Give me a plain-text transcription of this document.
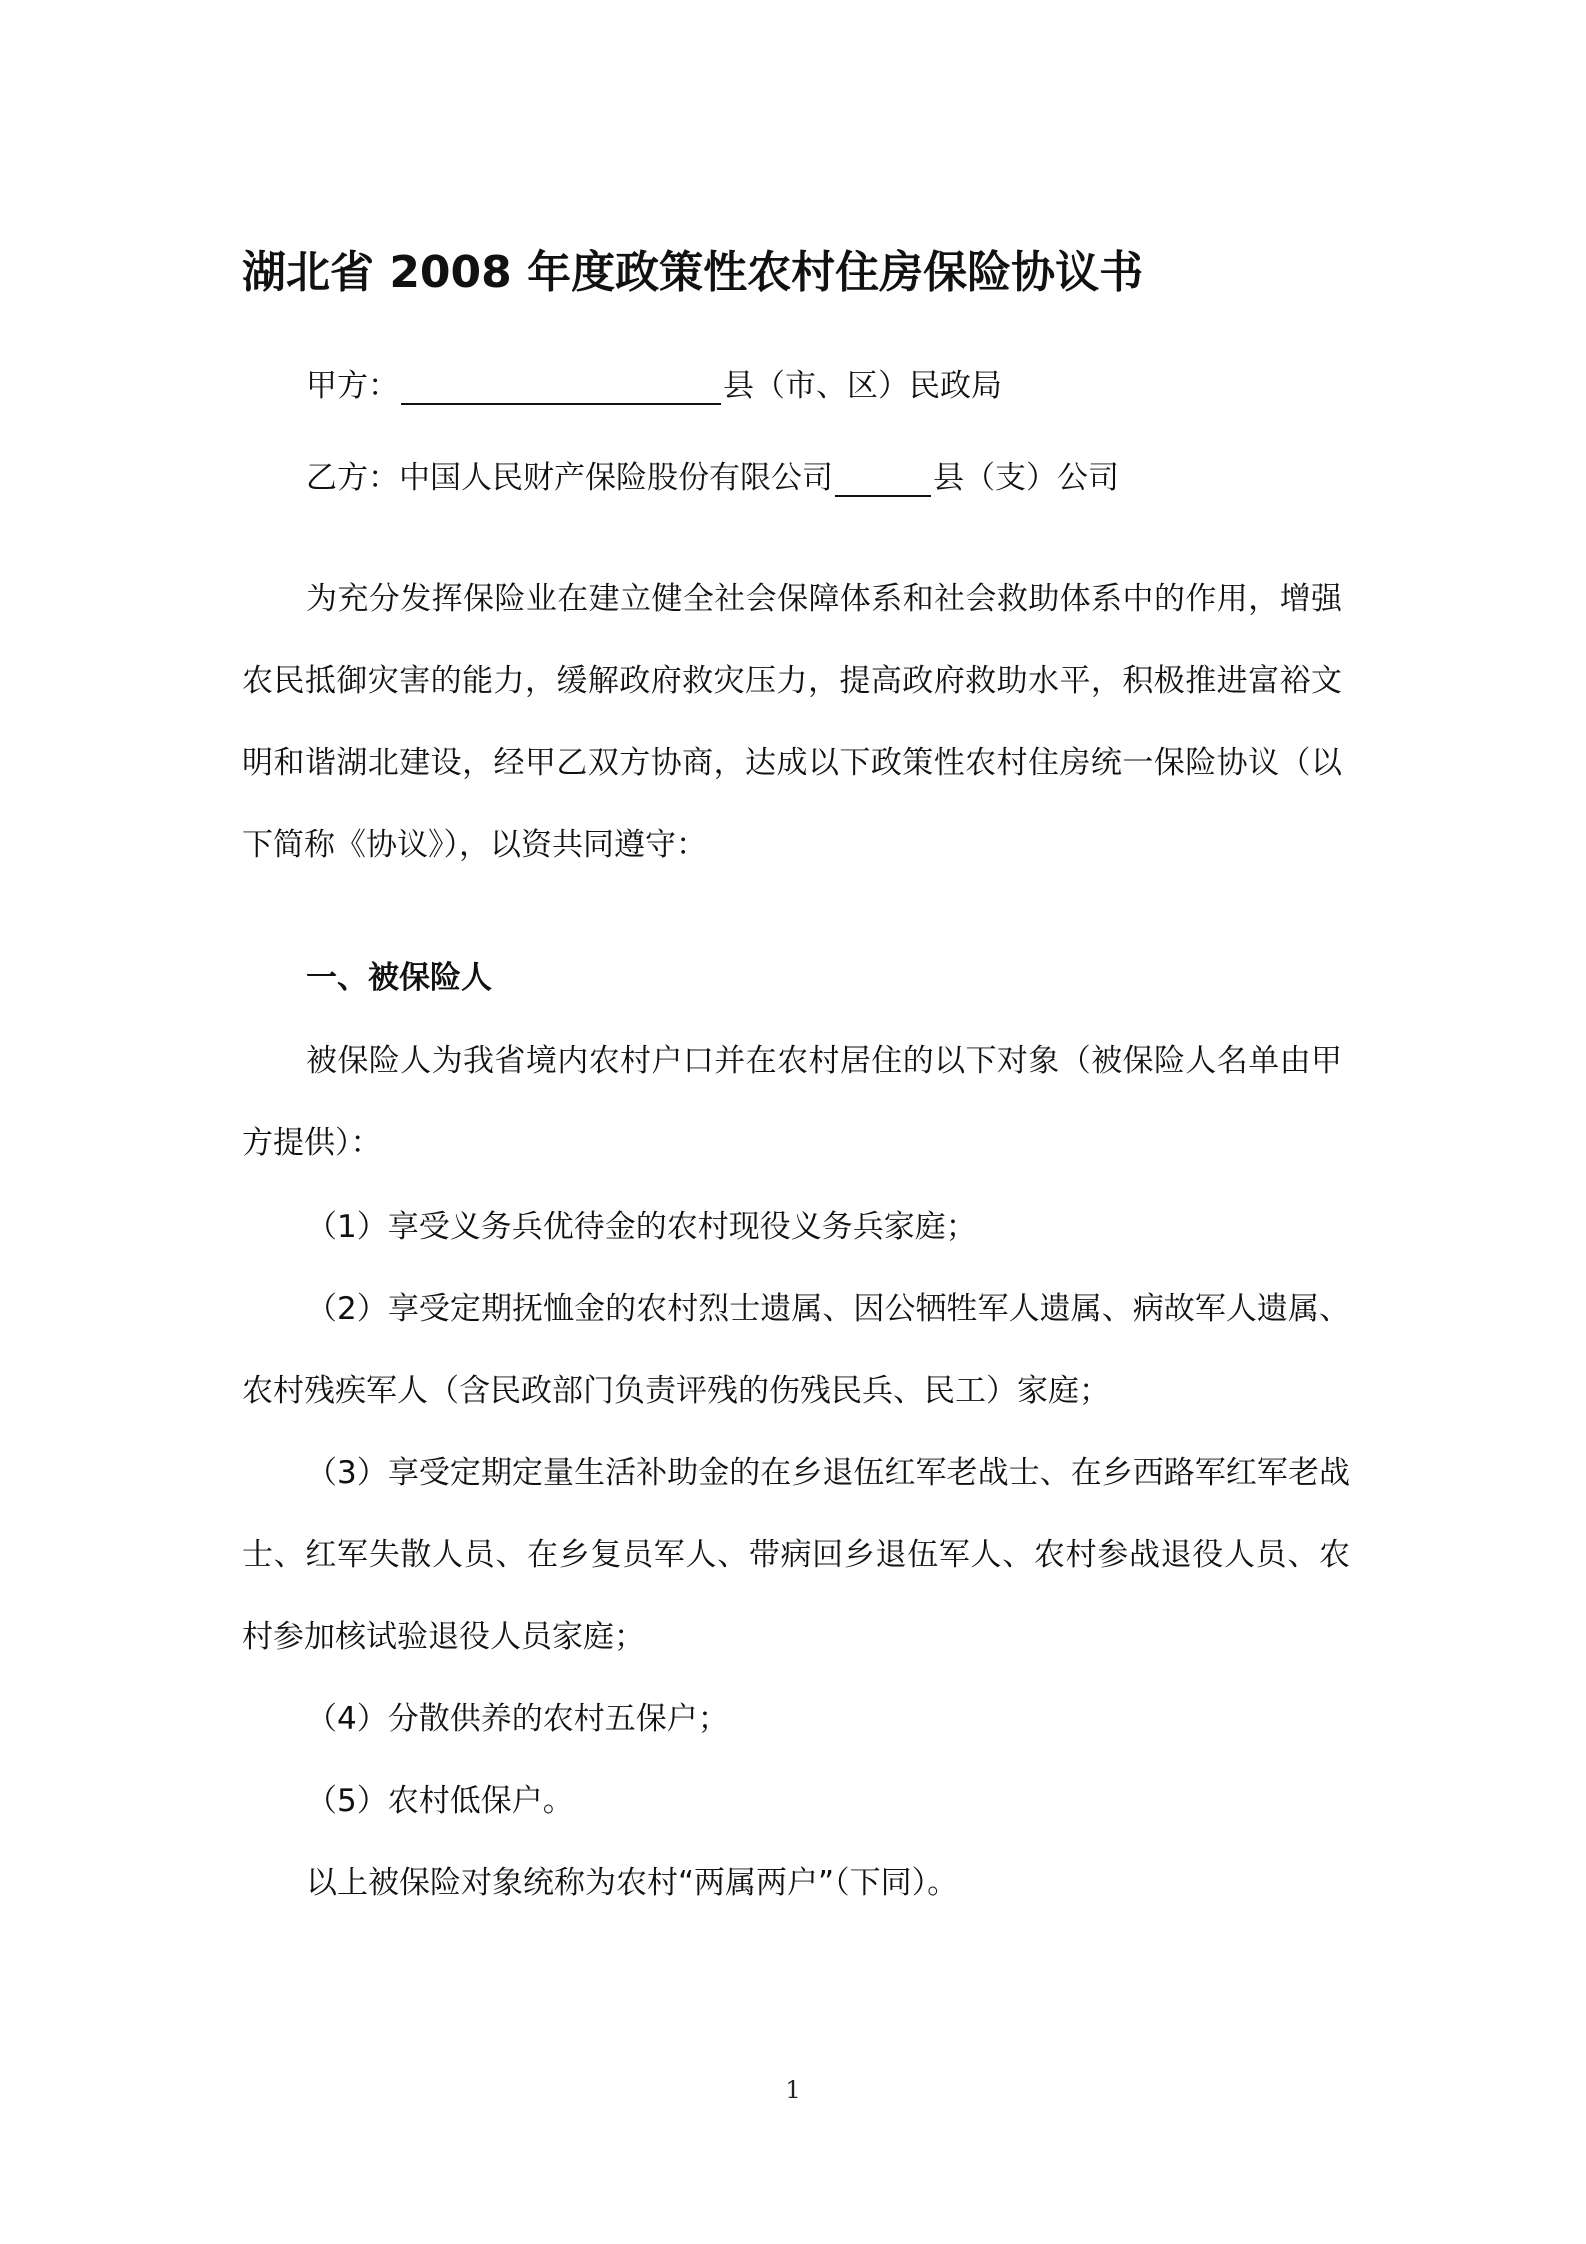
湖北省 2008 年度政策性农村住房保险协议书
甲方：	县（市、区）民政局
乙方：中国人民财产保险股份有限公司	县（支）公司

为充分发挥保险业在建立健全社会保障体系和社会救助体系中的作用，增强农民抵御灾害的能力，缓解政府救灾压力，提高政府救助水平，积极推进富裕文明和谐湖北建设，经甲乙双方协商，达成以下政策性农村住房统一保险协议（以下简称《协议》），以资共同遵守：

一、被保险人

被保险人为我省境内农村户口并在农村居住的以下对象（被保险人名单由甲方提供）：

（1）享受义务兵优待金的农村现役义务兵家庭；

（2）享受定期抚恤金的农村烈士遗属、因公牺牲军人遗属、病故军人遗属、农村残疾军人（含民政部门负责评残的伤残民兵、民工）家庭；

（3）享受定期定量生活补助金的在乡退伍红军老战士、在乡西路军红军老战士、红军失散人员、在乡复员军人、带病回乡退伍军人、农村参战退役人员、农村参加核试验退役人员家庭；

（4）分散供养的农村五保户；

（5）农村低保户。

以上被保险对象统称为农村“两属两户”（下同）。
1
